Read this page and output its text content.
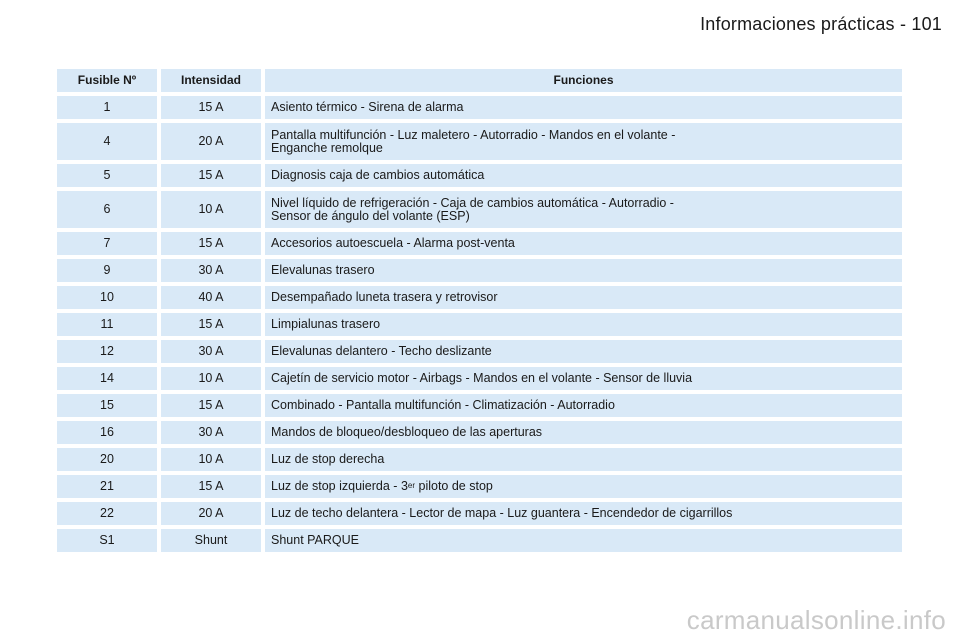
Informaciones prácticas - 101
Fusible Nº	Intensidad	Funciones
1	15 A	Asiento térmico - Sirena de alarma
4	20 A	Pantalla multifunción - Luz maletero - Autorradio - Mandos en el volante -
Enganche remolque
5	15 A	Diagnosis caja de cambios automática
6	10 A	Nivel líquido de refrigeración - Caja de cambios automática - Autorradio -
Sensor de ángulo del volante (ESP)
7	15 A	Accesorios autoescuela - Alarma post-venta
9	30 A	Elevalunas trasero
10	40 A	Desempañado luneta trasera y retrovisor
11	15 A	Limpialunas trasero
12	30 A	Elevalunas delantero - Techo deslizante
14	10 A	Cajetín de servicio motor - Airbags - Mandos en el volante - Sensor de lluvia
15	15 A	Combinado - Pantalla multifunción - Climatización - Autorradio
16	30 A	Mandos de bloqueo/desbloqueo de las aperturas
20	10 A	Luz de stop derecha
21	15 A	Luz de stop izquierda - 3er piloto de stop
22	20 A	Luz de techo delantera - Lector de mapa - Luz guantera - Encendedor de cigarrillos
S1	Shunt	Shunt PARQUE
carmanualsonline.info
